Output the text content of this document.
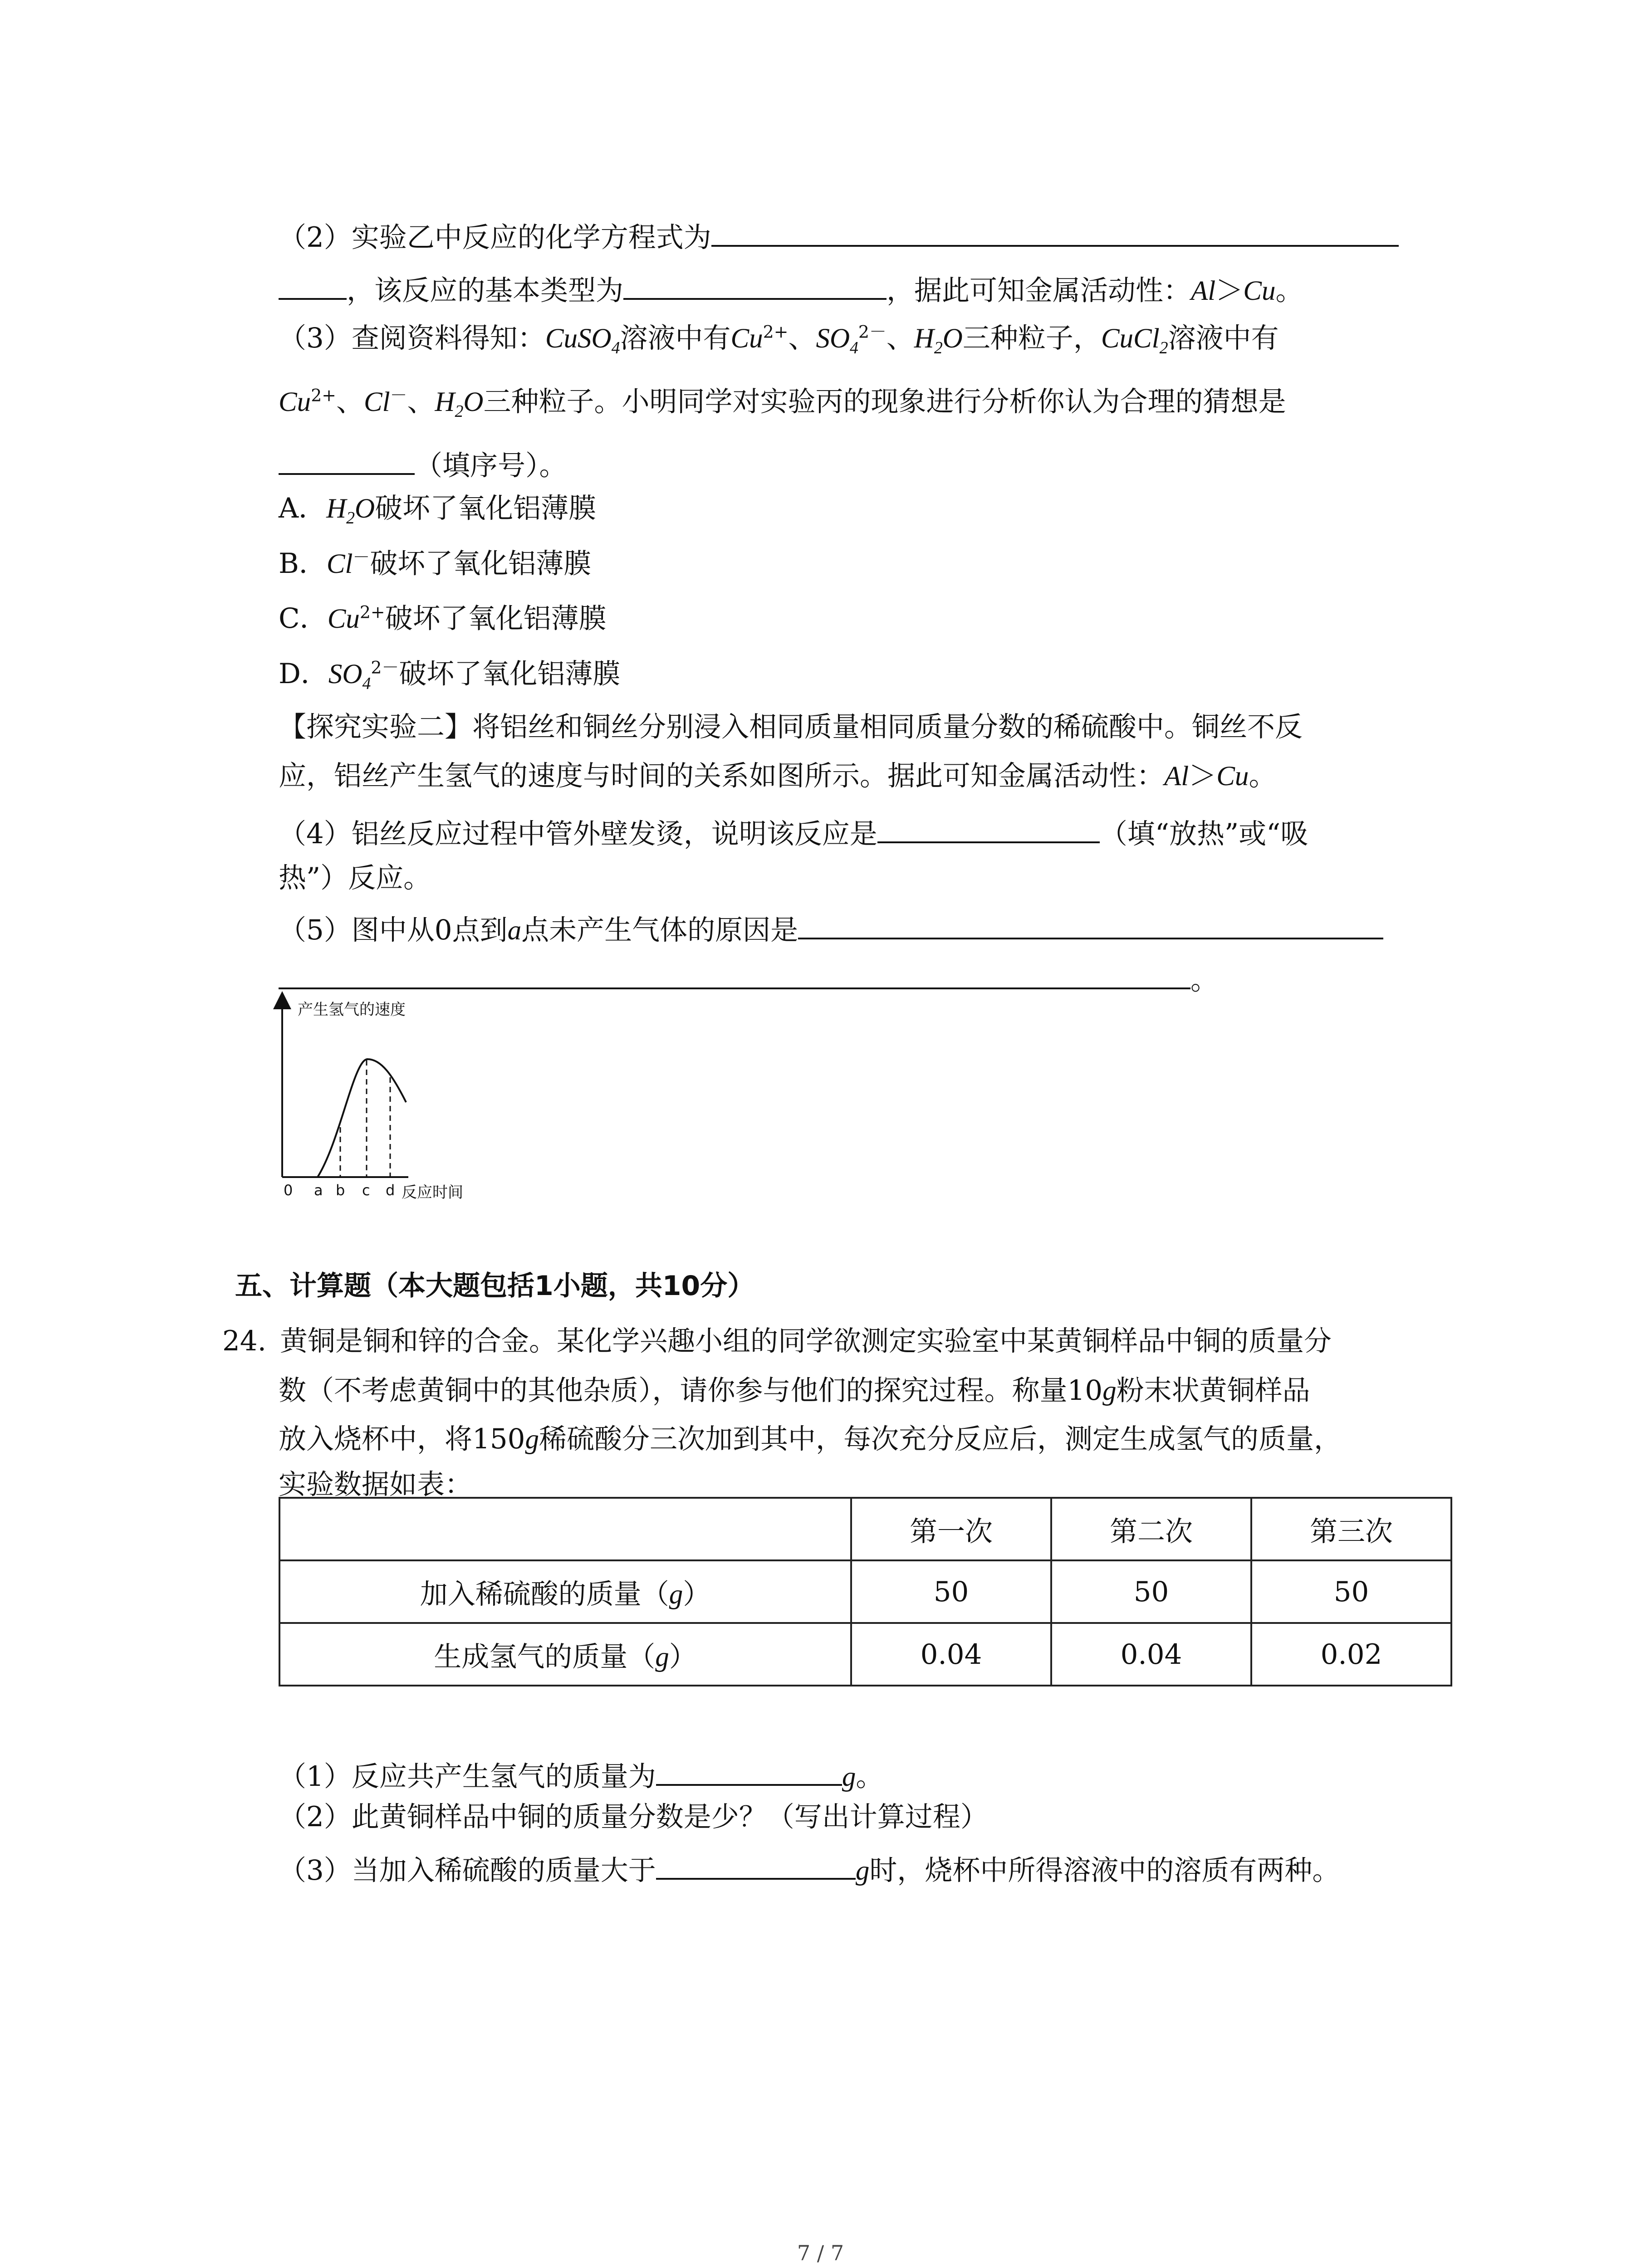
（2）实验乙中反应的化学方程式为
，该反应的基本类型为	，据此可知金属活动性：Al＞Cu。
（3）查阅资料得知：CuSO$_4$溶液中有$Cu^{2+}$、$SO_4^{2-}$、$H_2O$三种粒子，CuCl$_2$溶液中有
$Cu^{2+}$、Cl－、$H_2O$三种粒子。小明同学对实验丙的现象进行分析你认为合理的猜想是
（填序号）。
A．$H_2O$破坏了氧化铝薄膜
B．Cl－破坏了氧化铝薄膜
C．$Cu^{2+}$破坏了氧化铝薄膜
D．$SO_4^{2-}$破坏了氧化铝薄膜
【探究实验二】将铝丝和铜丝分别浸入相同质量相同质量分数的稀硫酸中。铜丝不反
应，铝丝产生氢气的速度与时间的关系如图所示。据此可知金属活动性：Al＞Cu。
（4）铝丝反应过程中管外壁发烫，说明该反应是	（填“放热”或“吸
热”）反应。
（5）图中从0点到a点未产生气体的原因是
。
产生氢气的速度
0 a b c d 反应时间
五、计算题（本大题包括1小题，共10分）
24. 黄铜是铜和锌的合金。某化学兴趣小组的同学欲测定实验室中某黄铜样品中铜的质量分
数（不考虑黄铜中的其他杂质），请你参与他们的探究过程。称量10g粉末状黄铜样品
放入烧杯中，将150g稀硫酸分三次加到其中，每次充分反应后，测定生成氢气的质量，
实验数据如表：
	第一次	第二次	第三次
加入稀硫酸的质量（g）	50	50	50
生成氢气的质量（g）	0.04	0.04	0.02
（1）反应共产生氢气的质量为	g。
（2）此黄铜样品中铜的质量分数是少？（写出计算过程）
（3）当加入稀硫酸的质量大于	g时，烧杯中所得溶液中的溶质有两种。
7 / 7
